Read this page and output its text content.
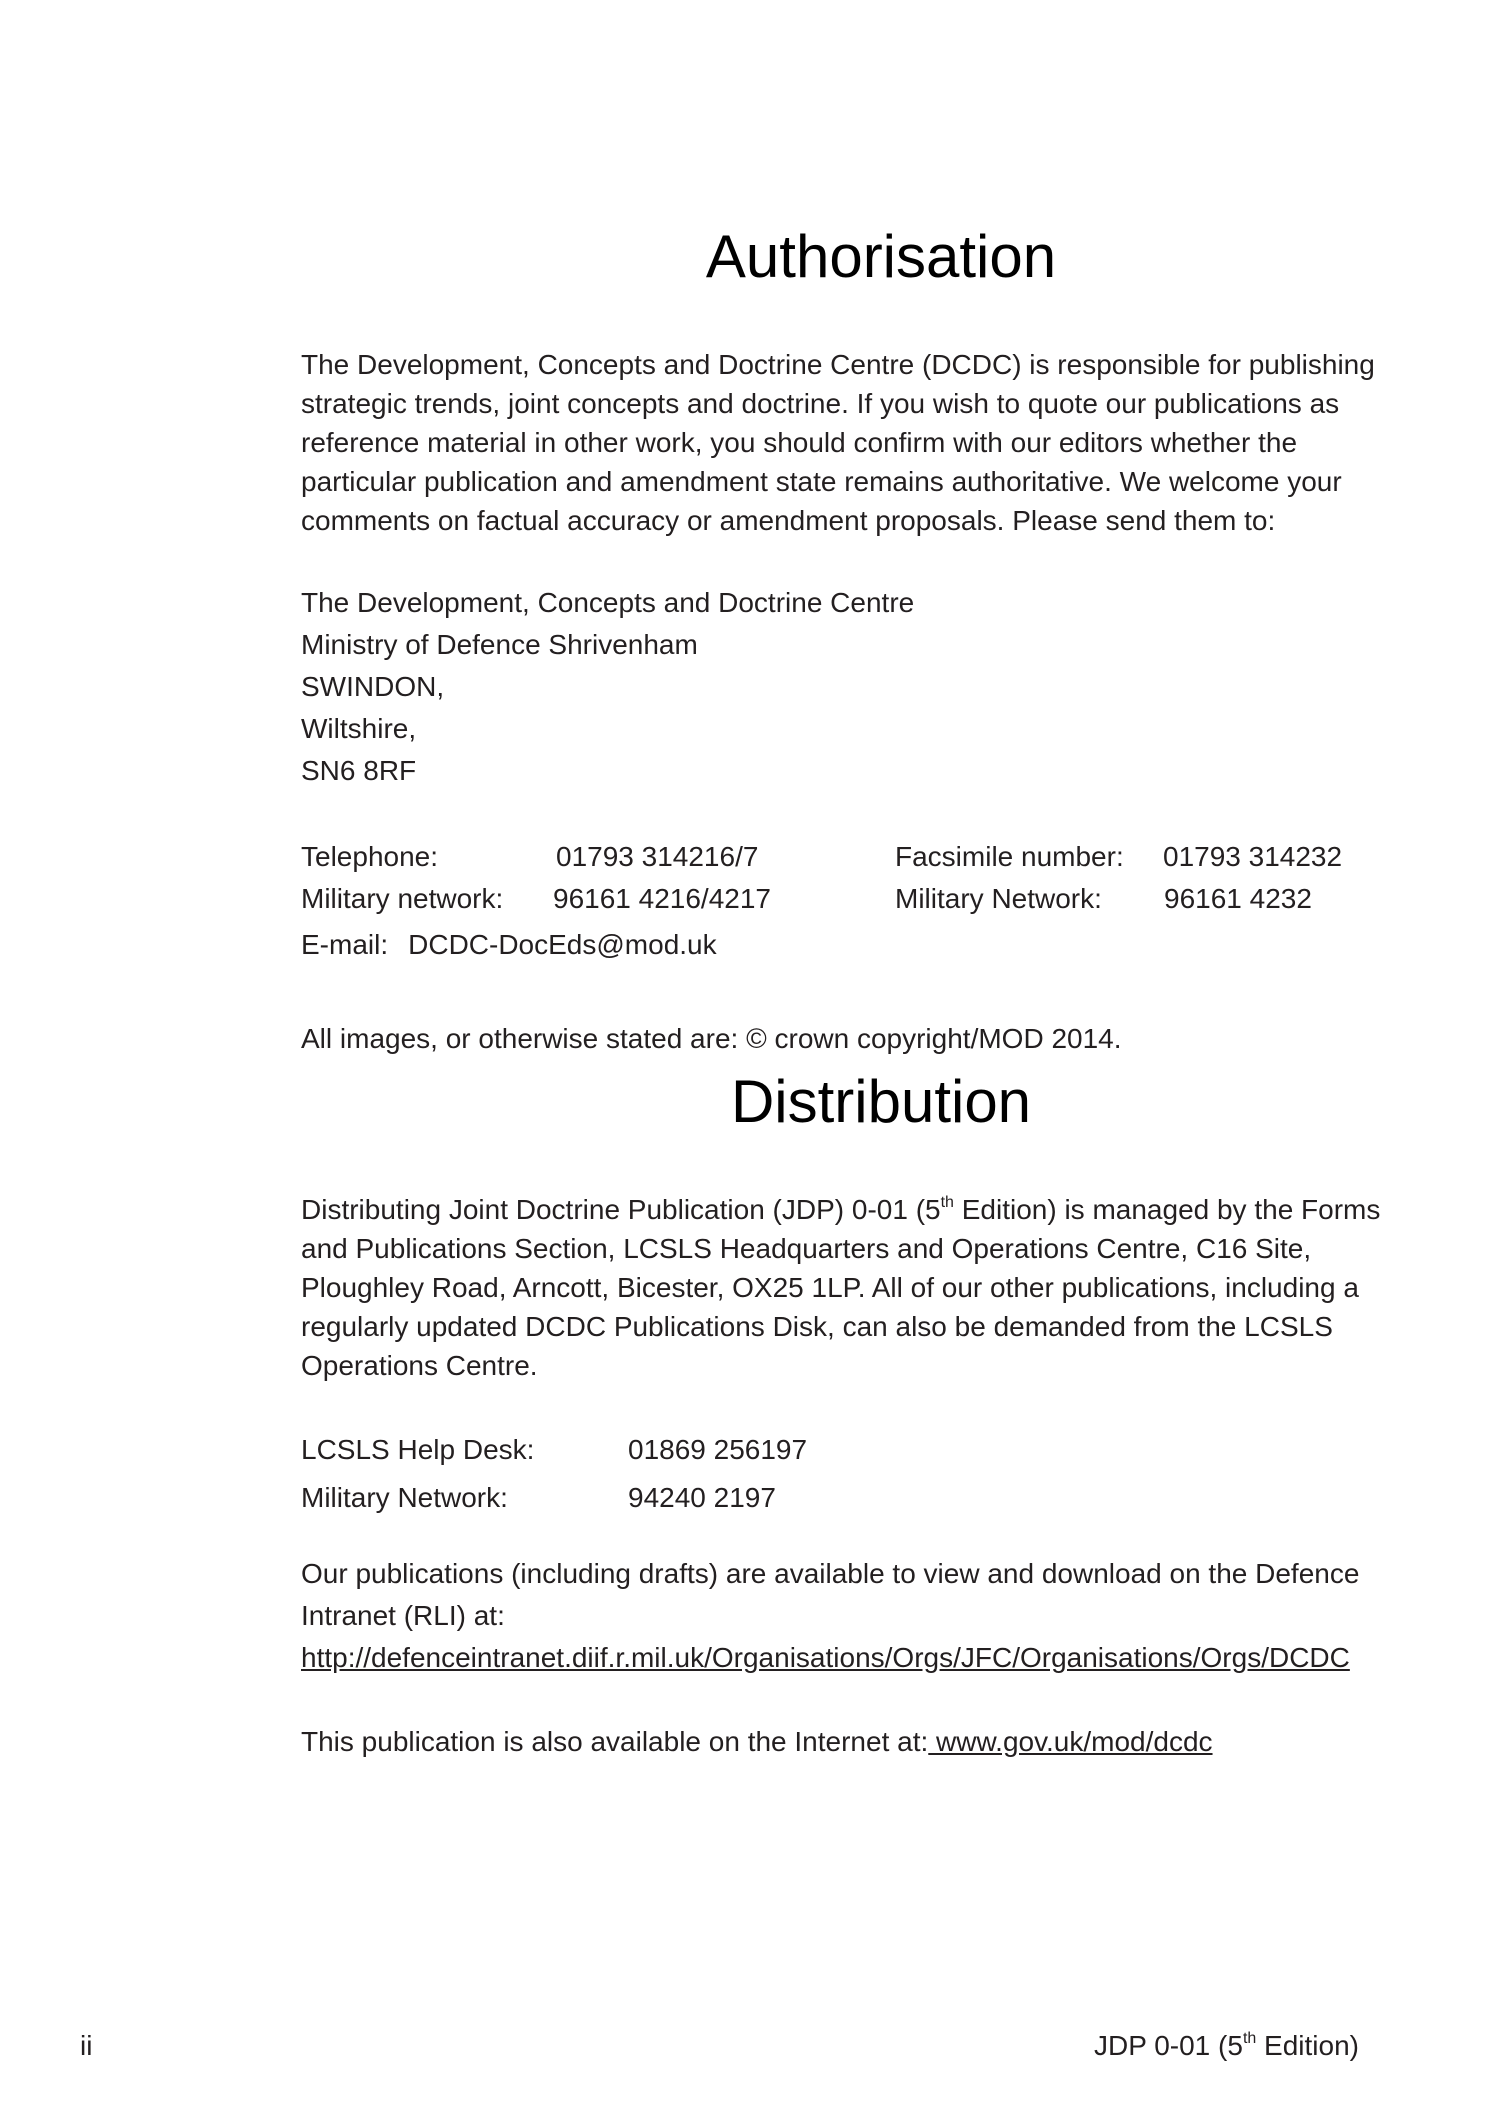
Authorisation

The Development, Concepts and Doctrine Centre (DCDC) is responsible for publishing strategic trends, joint concepts and doctrine. If you wish to quote our publications as reference material in other work, you should confirm with our editors whether the particular publication and amendment state remains authoritative. We welcome your comments on factual accuracy or amendment proposals. Please send them to:

The Development, Concepts and Doctrine Centre
Ministry of Defence Shrivenham
SWINDON,
Wiltshire,
SN6 8RF
Telephone:	01793 314216/7	Facsimile number: 01793 314232
Military network: 96161 4216/4217	Military Network: 96161 4232
E-mail: DCDC-DocEds@mod.uk

All images, or otherwise stated are: © crown copyright/MOD 2014.

Distribution

Distributing Joint Doctrine Publication (JDP) 0-01 (5th Edition) is managed by the Forms and Publications Section, LCSLS Headquarters and Operations Centre, C16 Site, Ploughley Road, Arncott, Bicester, OX25 1LP. All of our other publications, including a regularly updated DCDC Publications Disk, can also be demanded from the LCSLS Operations Centre.

LCSLS Help Desk:	01869 256197
Military Network:	94240 2197

Our publications (including drafts) are available to view and download on the Defence Intranet (RLI) at: http://defenceintranet.diif.r.mil.uk/Organisations/Orgs/JFC/Organisations/Orgs/DCDC

This publication is also available on the Internet at: www.gov.uk/mod/dcdc

ii	JDP 0-01 (5th Edition)
